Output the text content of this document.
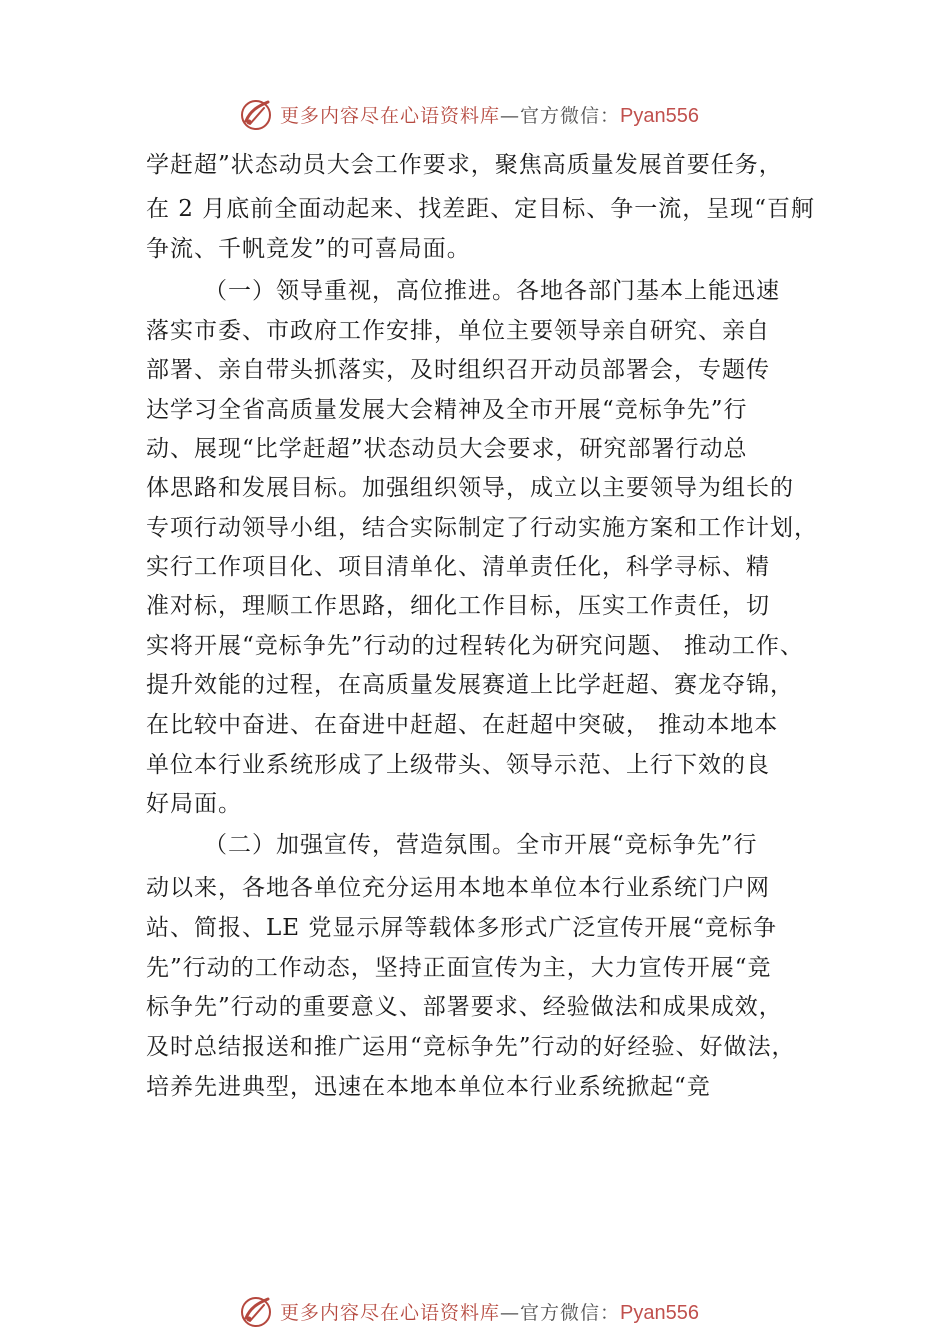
更多内容尽在心语资料库—官方微信：Pyan556
学赶超”状态动员大会工作要求，聚焦高质量发展首要任务，
在 2 月底前全面动起来、找差距、定目标、争一流，呈现“百舸
争流、千帆竞发”的可喜局面。
（一）领导重视，高位推进。各地各部门基本上能迅速
落实市委、市政府工作安排，单位主要领导亲自研究、亲自
部署、亲自带头抓落实，及时组织召开动员部署会，专题传
达学习全省高质量发展大会精神及全市开展“竞标争先”行
动、展现“比学赶超”状态动员大会要求，研究部署行动总
体思路和发展目标。加强组织领导，成立以主要领导为组长的
专项行动领导小组，结合实际制定了行动实施方案和工作计划，
实行工作项目化、项目清单化、清单责任化，科学寻标、精
准对标，理顺工作思路，细化工作目标，压实工作责任，切
实将开展“竞标争先”行动的过程转化为研究问题、 推动工作、
提升效能的过程，在高质量发展赛道上比学赶超、赛龙夺锦，
在比较中奋进、在奋进中赶超、在赶超中突破， 推动本地本
单位本行业系统形成了上级带头、领导示范、上行下效的良
好局面。
（二）加强宣传，营造氛围。全市开展“竞标争先”行
动以来，各地各单位充分运用本地本单位本行业系统门户网
站、简报、LE 党显示屏等载体多形式广泛宣传开展“竞标争
先”行动的工作动态，坚持正面宣传为主，大力宣传开展“竞
标争先”行动的重要意义、部署要求、经验做法和成果成效，
及时总结报送和推广运用“竞标争先”行动的好经验、好做法，
培养先进典型，迅速在本地本单位本行业系统掀起“竞
更多内容尽在心语资料库—官方微信：Pyan556
